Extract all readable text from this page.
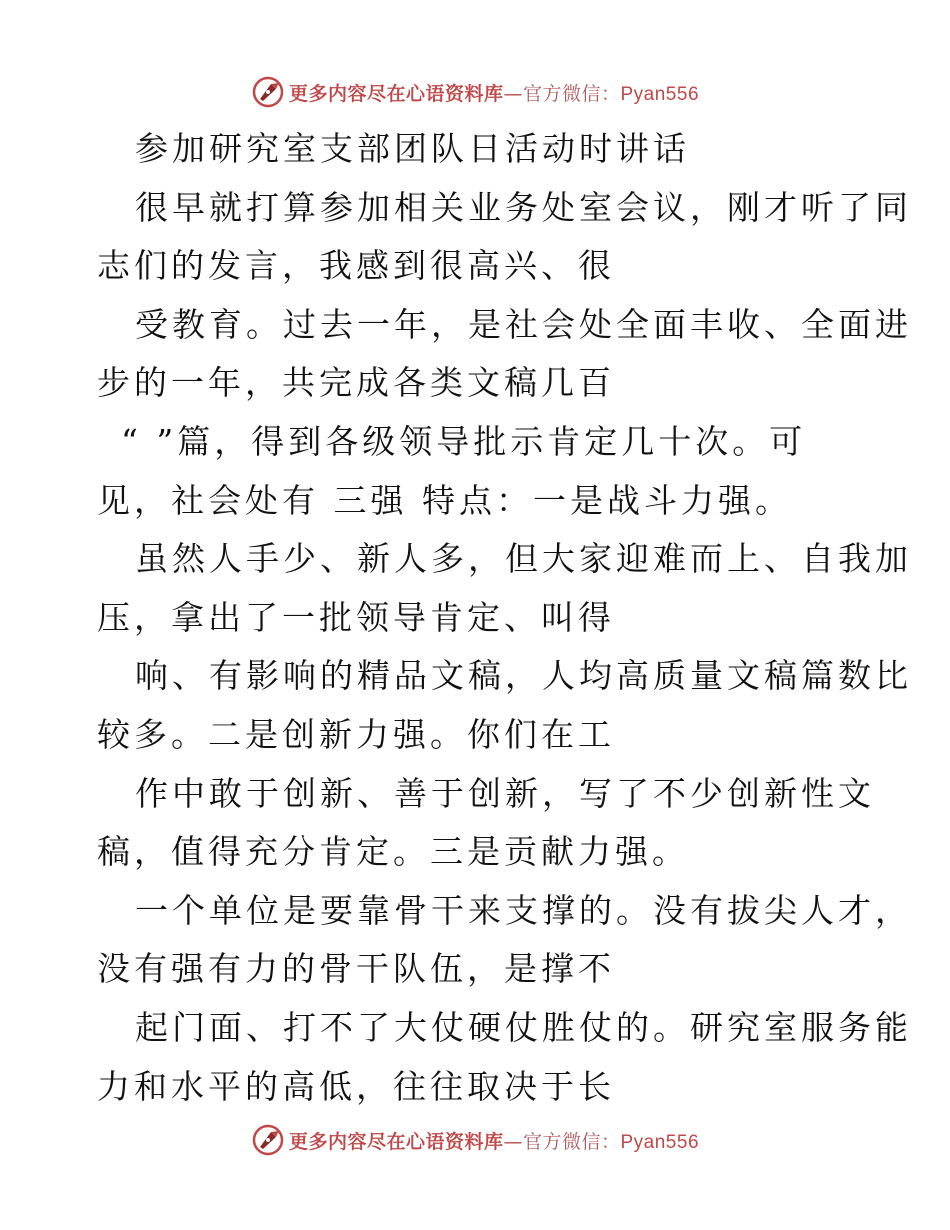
更多内容尽在心语资料库—官方微信：Pyan556
参加研究室支部团队日活动时讲话
很早就打算参加相关业务处室会议，刚才听了同
志们的发言，我感到很高兴、很
受教育。过去一年，是社会处全面丰收、全面进
步的一年，共完成各类文稿几百
“ ”篇，得到各级领导批示肯定几十次。可
见，社会处有 三强 特点：一是战斗力强。
虽然人手少、新人多，但大家迎难而上、自我加
压，拿出了一批领导肯定、叫得
响、有影响的精品文稿，人均高质量文稿篇数比
较多。二是创新力强。你们在工
作中敢于创新、善于创新，写了不少创新性文
稿，值得充分肯定。三是贡献力强。
一个单位是要靠骨干来支撑的。没有拔尖人才，
没有强有力的骨干队伍，是撑不
起门面、打不了大仗硬仗胜仗的。研究室服务能
力和水平的高低，往往取决于长
更多内容尽在心语资料库—官方微信：Pyan556
